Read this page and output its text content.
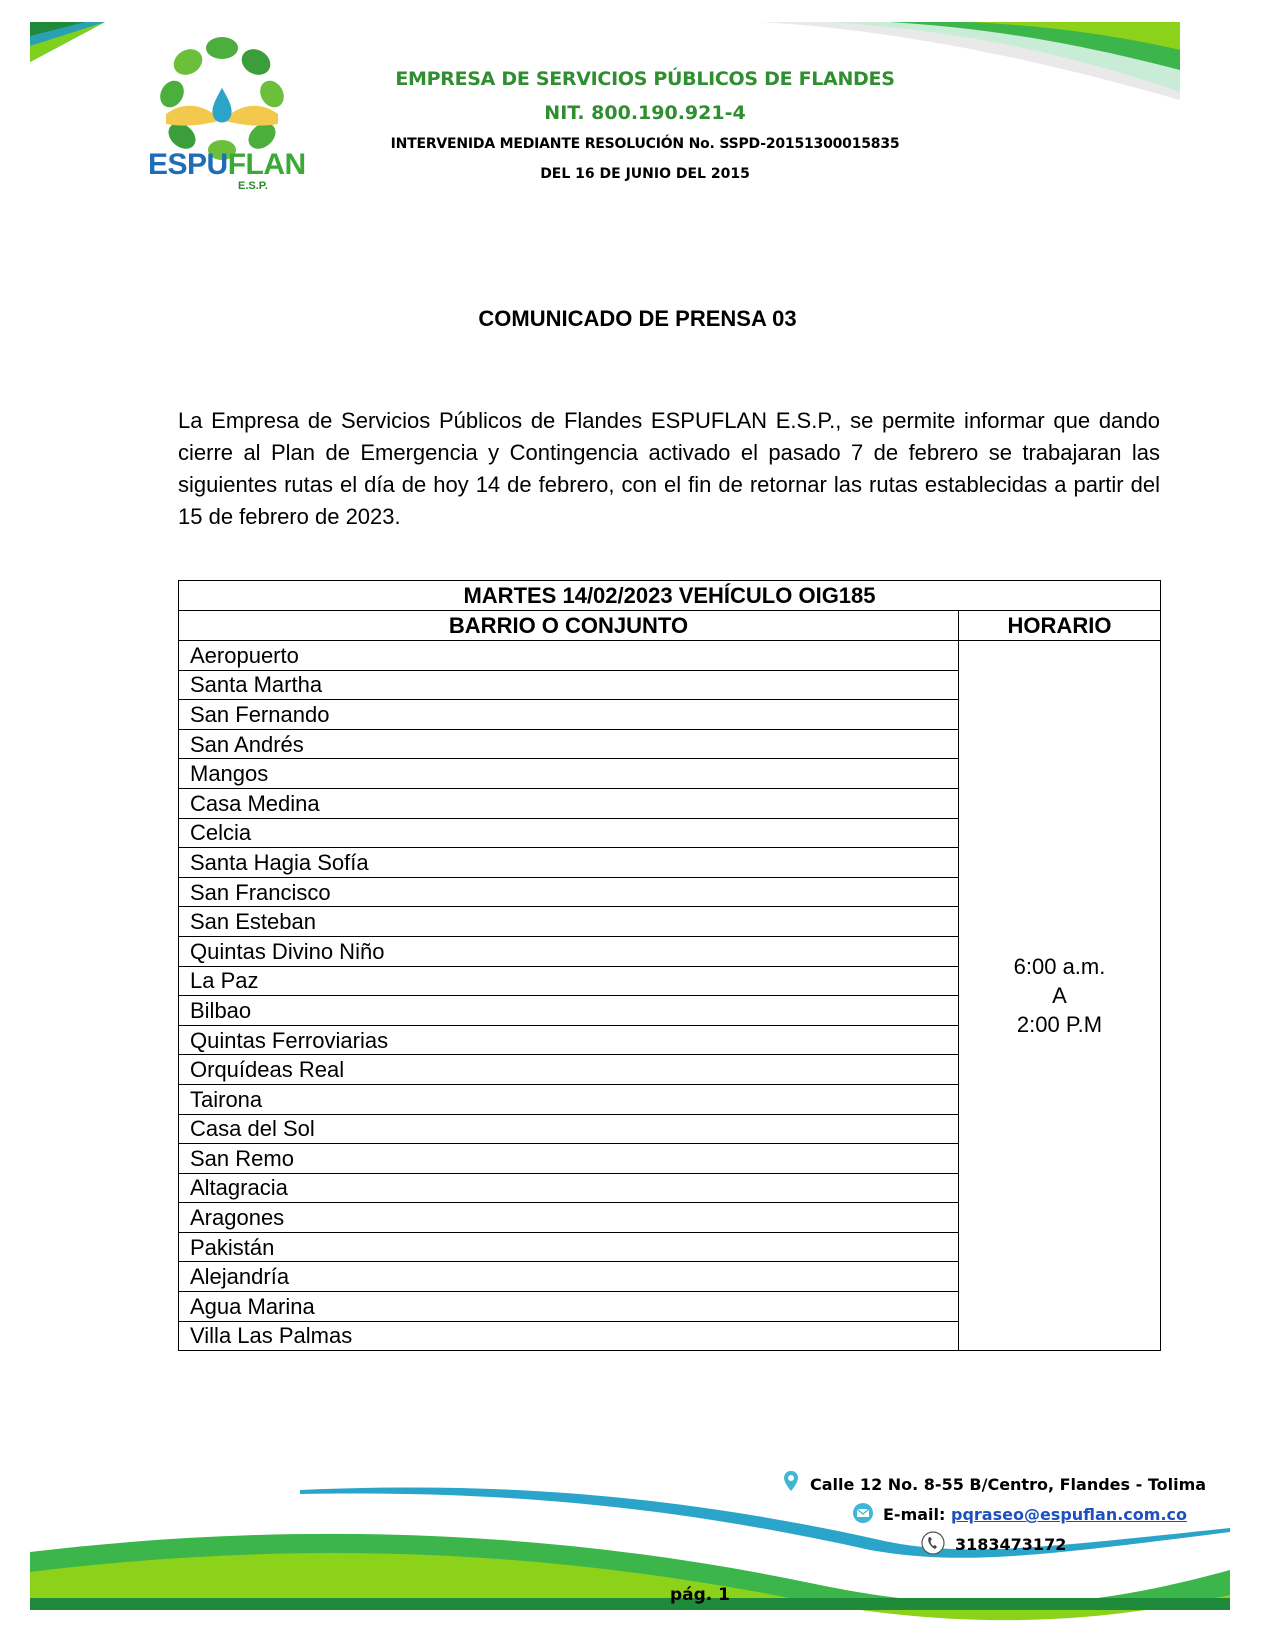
ESPUFLAN
E.S.P.
EMPRESA DE SERVICIOS PÚBLICOS DE FLANDES
NIT. 800.190.921-4
INTERVENIDA MEDIANTE RESOLUCIÓN No. SSPD-20151300015835
DEL 16 DE JUNIO DEL 2015
COMUNICADO DE PRENSA 03

La Empresa de Servicios Públicos de Flandes ESPUFLAN E.S.P., se permite informar que dando cierre al Plan de Emergencia y Contingencia activado el pasado 7 de febrero se trabajaran las siguientes rutas el día de hoy 14 de febrero, con el fin de retornar las rutas establecidas a partir del 15 de febrero de 2023.

MARTES 14/02/2023 VEHÍCULO OIG185	
BARRIO O CONJUNTO	HORARIO
Aeropuerto	6:00 a.m.
A
2:00 P.M

Santa Martha	
San Fernando	
San Andrés	
Mangos	
Casa Medina	
Celcia	
Santa Hagia Sofía	
San Francisco	
San Esteban	
Quintas Divino Niño	
La Paz	
Bilbao	
Quintas Ferroviarias	
Orquídeas Real	
Tairona	
Casa del Sol	
San Remo	
Altagracia	
Aragones	
Pakistán	
Alejandría	
Agua Marina	
Villa Las Palmas	
Calle 12 No. 8-55 B/Centro, Flandes - Tolima
E-mail: pqraseo@espuflan.com.co
3183473172
pág. 1
